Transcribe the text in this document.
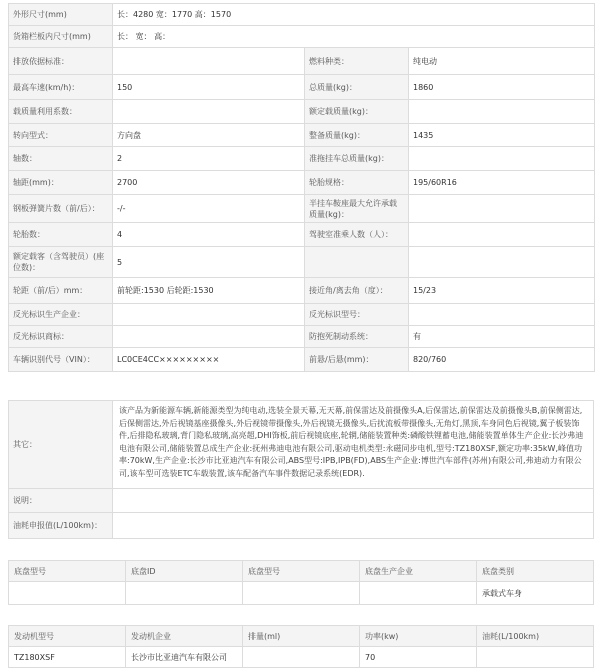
外形尺寸(mm)	长：4280 宽：1770 高：1570		
货箱栏板内尺寸(mm)	长： 宽： 高：		
排放依据标准：		燃料种类：	纯电动
最高车速(km/h)：	150	总质量(kg)：	1860
载质量利用系数：		额定载质量(kg)：	
转向型式：	方向盘	整备质量(kg)：	1435
轴数：	2	准拖挂车总质量(kg)：	
轴距(mm)：	2700	轮胎规格：	195/60R16
钢板弹簧片数（前/后）：	-/-	半挂车鞍座最大允许承载质量(kg)：	
轮胎数：	4	驾驶室准乘人数（人）：	
额定载客（含驾驶员）(座位数)：	5		
轮距（前/后）mm：	前轮距:1530 后轮距:1530	接近角/离去角（度）：	15/23
反光标识生产企业：		反光标识型号：	
反光标识商标：		防抱死制动系统：	有
车辆识别代号（VIN）：	LC0CE4CC×××××××××	前悬/后悬(mm)：	820/760
其它：	该产品为新能源车辆,新能源类型为纯电动,选装全景天幕,无天幕,前保雷达及前摄像头A,后保雷达,前保雷达及前摄像头B,前保侧雷达,后保侧雷达,外后视镜基座摄像头,外后视镜带摄像头,外后视镜无摄像头,后扰流板带摄像头,无角灯,黑顶,车身同色后视镜,翼子板装饰件,后排隐私玻璃,背门隐私玻璃,高亮超,DHI饰板,前后视镜底座,轮辋,储能装置种类:磷酸铁锂蓄电池,储能装置单体生产企业:长沙弗迪电池有限公司,储能装置总成生产企业:抚州弗迪电池有限公司,驱动电机类型:永磁同步电机,型号:TZ180XSF,额定功率:35kW,峰值功率:70kW,生产企业:长沙市比亚迪汽车有限公司,ABS型号:IPB,IPB(FD),ABS生产企业:博世汽车部件(苏州)有限公司,弗迪动力有限公司,该车型可选装ETC车载装置,该车配备汽车事件数据记录系统(EDR).
说明：	
油耗申报值(L/100km)：	
底盘型号	底盘ID	底盘型号	底盘生产企业	底盘类别
				承载式车身
发动机型号	发动机企业	排量(ml)	功率(kw)	油耗(L/100km)
TZ180XSF	长沙市比亚迪汽车有限公司		70	
